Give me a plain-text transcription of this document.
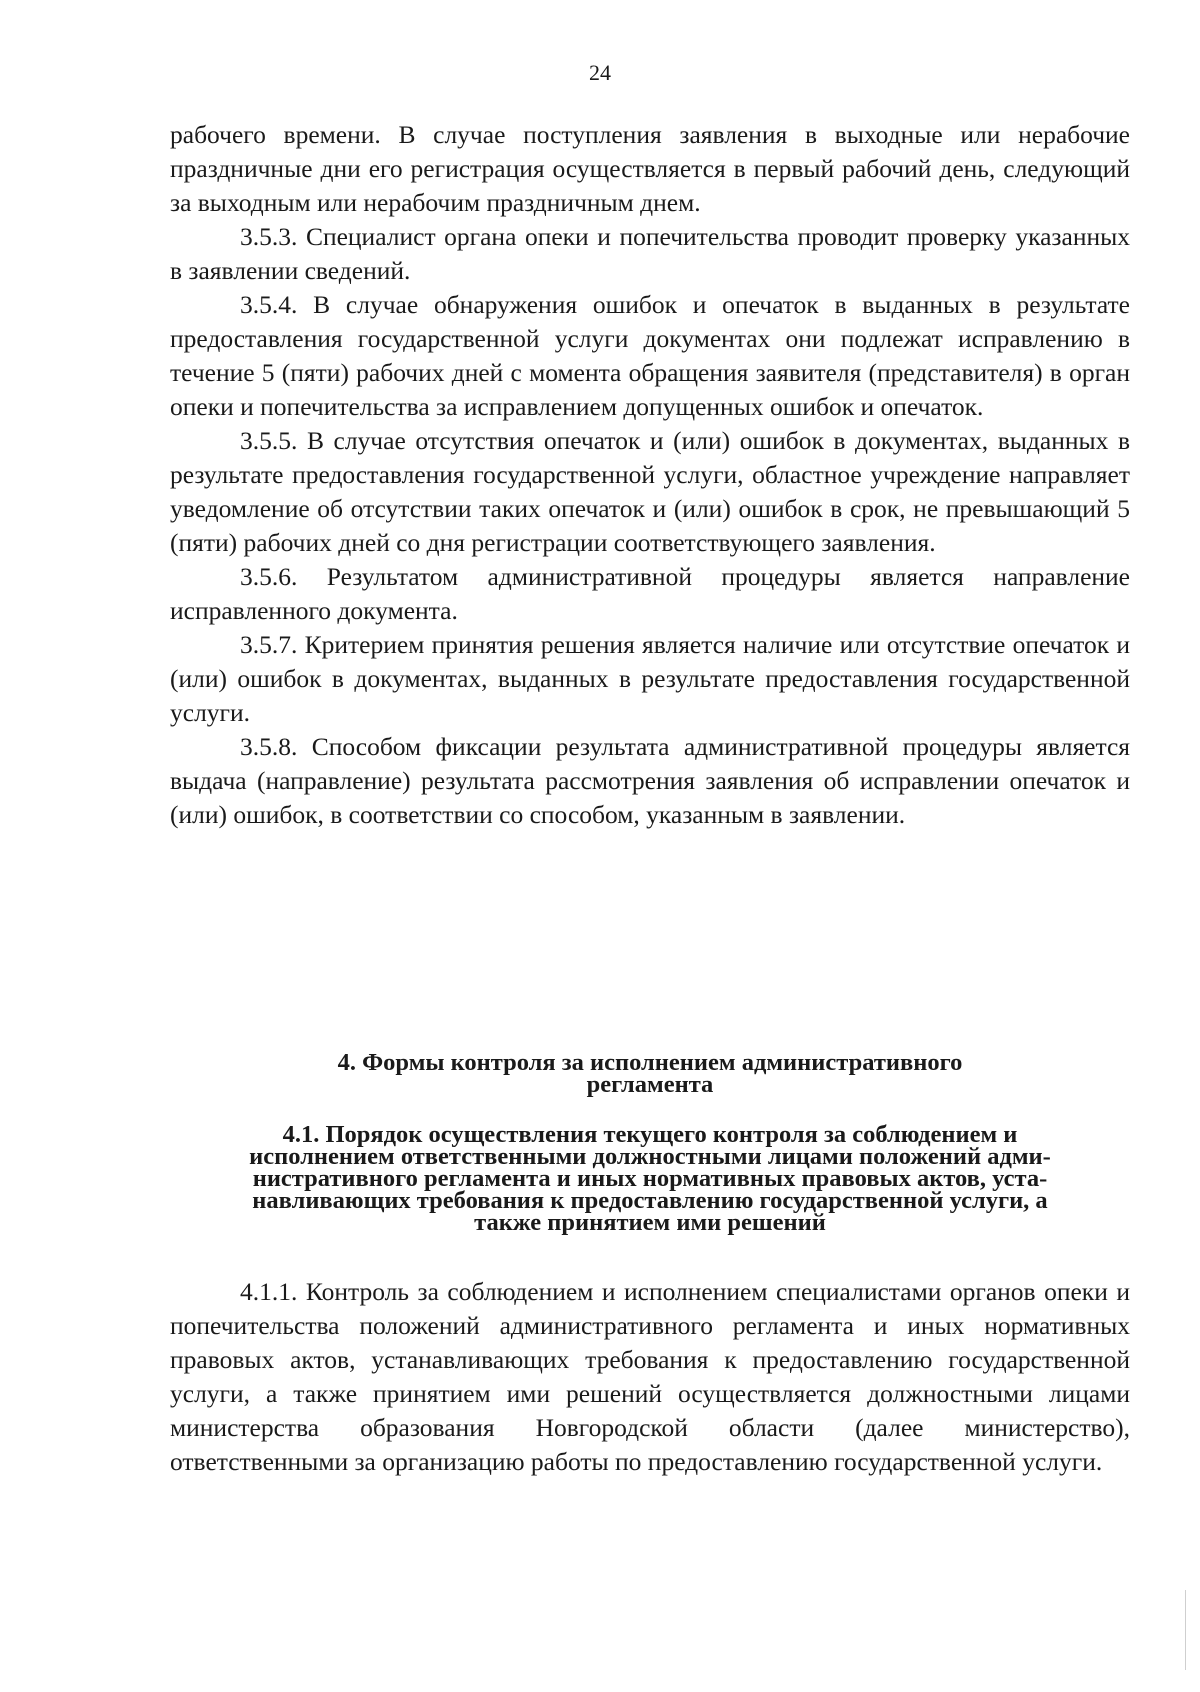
24

рабочего времени. В случае поступления заявления в выходные или нерабочие праздничные дни его регистрация осуществляется в первый рабочий день, следующий за выходным или нерабочим праздничным днем.

3.5.3. Специалист органа опеки и попечительства проводит проверку указанных в заявлении сведений.

3.5.4. В случае обнаружения ошибок и опечаток в выданных в результате предоставления государственной услуги документах они подлежат исправлению в течение 5 (пяти) рабочих дней с момента обращения заявителя (представителя) в орган опеки и попечительства за исправлением допущенных ошибок и опечаток.

3.5.5. В случае отсутствия опечаток и (или) ошибок в документах, выданных в результате предоставления государственной услуги, областное учреждение направляет уведомление об отсутствии таких опечаток и (или) ошибок в срок, не превышающий 5 (пяти) рабочих дней со дня регистрации соответствующего заявления.

3.5.6. Результатом административной процедуры является направление исправленного документа.

3.5.7. Критерием принятия решения является наличие или отсутствие опечаток и (или) ошибок в документах, выданных в результате предоставления государственной услуги.

3.5.8. Способом фиксации результата административной процедуры является выдача (направление) результата рассмотрения заявления об исправлении опечаток и (или) ошибок, в соответствии со способом, указанным в заявлении.

4. Формы контроля за исполнением административного
регламента
4.1. Порядок осуществления текущего контроля за соблюдением и
исполнением ответственными должностными лицами положений адми-
нистративного регламента и иных нормативных правовых актов, уста-
навливающих требования к предоставлению государственной услуги, а
также принятием ими решений

4.1.1. Контроль за соблюдением и исполнением специалистами органов опеки и попечительства положений административного регламента и иных нормативных правовых актов, устанавливающих требования к предоставлению государственной услуги, а также принятием ими решений осуществляется должностными лицами министерства образования Новгородской области (далее министерство), ответственными за организацию работы по предоставлению государственной услуги.
